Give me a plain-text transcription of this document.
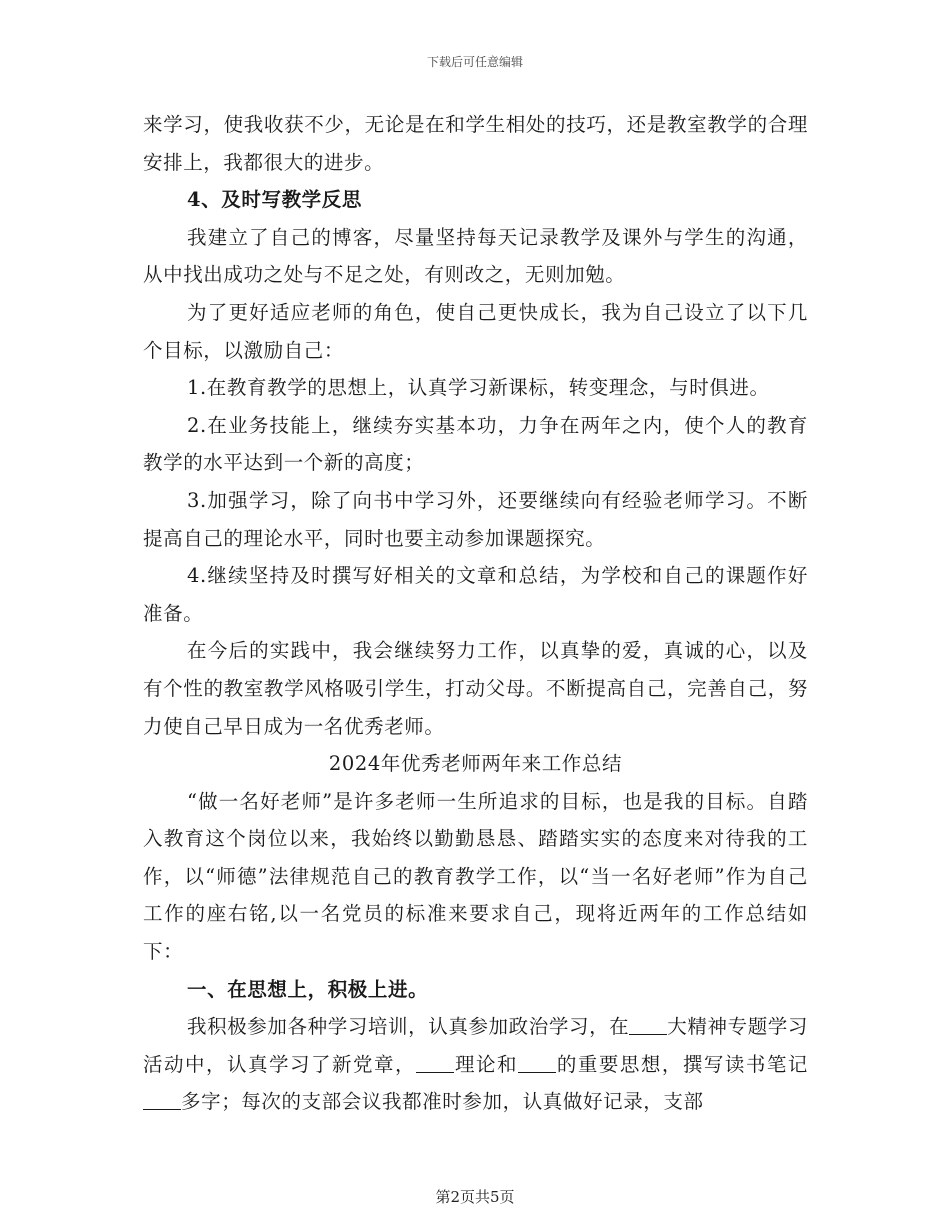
下载后可任意编辑

来学习，使我收获不少，无论是在和学生相处的技巧，还是教室教学的合理安排上，我都很大的进步。

4、及时写教学反思

我建立了自己的博客，尽量坚持每天记录教学及课外与学生的沟通，从中找出成功之处与不足之处，有则改之，无则加勉。

为了更好适应老师的角色，使自己更快成长，我为自己设立了以下几个目标，以激励自己：

1.在教育教学的思想上，认真学习新课标，转变理念，与时俱进。

2.在业务技能上，继续夯实基本功，力争在两年之内，使个人的教育教学的水平达到一个新的高度；

3.加强学习，除了向书中学习外，还要继续向有经验老师学习。不断提高自己的理论水平，同时也要主动参加课题探究。

4.继续坚持及时撰写好相关的文章和总结，为学校和自己的课题作好准备。

在今后的实践中，我会继续努力工作，以真挚的爱，真诚的心，以及有个性的教室教学风格吸引学生，打动父母。不断提高自己，完善自己，努力使自己早日成为一名优秀老师。

2024年优秀老师两年来工作总结

“做一名好老师”是许多老师一生所追求的目标，也是我的目标。自踏入教育这个岗位以来，我始终以勤勤恳恳、踏踏实实的态度来对待我的工作，以“师德”法律规范自己的教育教学工作，以“当一名好老师”作为自己工作的座右铭,以一名党员的标准来要求自己，现将近两年的工作总结如下：

一、在思想上，积极上进。

我积极参加各种学习培训，认真参加政治学习，在 大精神专题学习活动中，认真学习了新党章， 理论和 的重要思想，撰写读书笔记多字；每次的支部会议我都准时参加，认真做好记录，支部

第2页共5页
